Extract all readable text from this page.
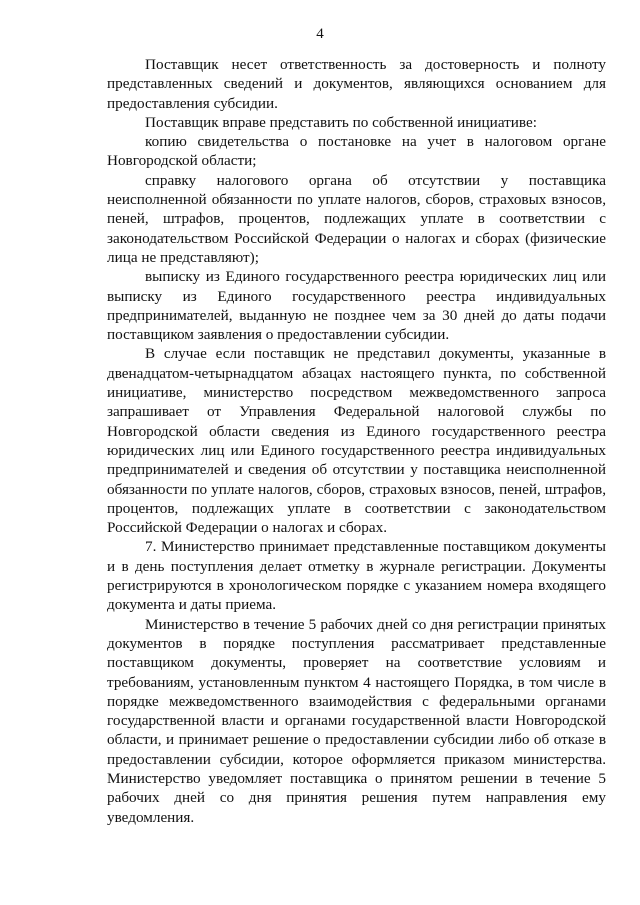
4

Поставщик несет ответственность за достоверность и полноту представленных сведений и документов, являющихся основанием для предоставления субсидии.

Поставщик вправе представить по собственной инициативе:

копию свидетельства о постановке на учет в налоговом органе Новгородской области;

справку налогового органа об отсутствии у поставщика неисполненной обязанности по уплате налогов, сборов, страховых взносов, пеней, штрафов, процентов, подлежащих уплате в соответствии с законодательством Российской Федерации о налогах и сборах (физические лица не представляют);

выписку из Единого государственного реестра юридических лиц или выписку из Единого государственного реестра индивидуальных предпринимателей, выданную не позднее чем за 30 дней до даты подачи поставщиком заявления о предоставлении субсидии.

В случае если поставщик не представил документы, указанные в двенадцатом-четырнадцатом абзацах настоящего пункта, по собственной инициативе, министерство посредством межведомственного запроса запрашивает от Управления Федеральной налоговой службы по Новгородской области сведения из Единого государственного реестра юридических лиц или Единого государственного реестра индивидуальных предпринимателей и сведения об отсутствии у поставщика неисполненной обязанности по уплате налогов, сборов, страховых взносов, пеней, штрафов, процентов, подлежащих уплате в соответствии с законодательством Российской Федерации о налогах и сборах.

7. Министерство принимает представленные поставщиком документы и в день поступления делает отметку в журнале регистрации. Документы регистрируются в хронологическом порядке с указанием номера входящего документа и даты приема.

Министерство в течение 5 рабочих дней со дня регистрации принятых документов в порядке поступления рассматривает представленные поставщиком документы, проверяет на соответствие условиям и требованиям, установленным пунктом 4 настоящего Порядка, в том числе в порядке межведомственного взаимодействия с федеральными органами государственной власти и органами государственной власти Новгородской области, и принимает решение о предоставлении субсидии либо об отказе в предоставлении субсидии, которое оформляется приказом министерства. Министерство уведомляет поставщика о принятом решении в течение 5 рабочих дней со дня принятия решения путем направления ему уведомления.
